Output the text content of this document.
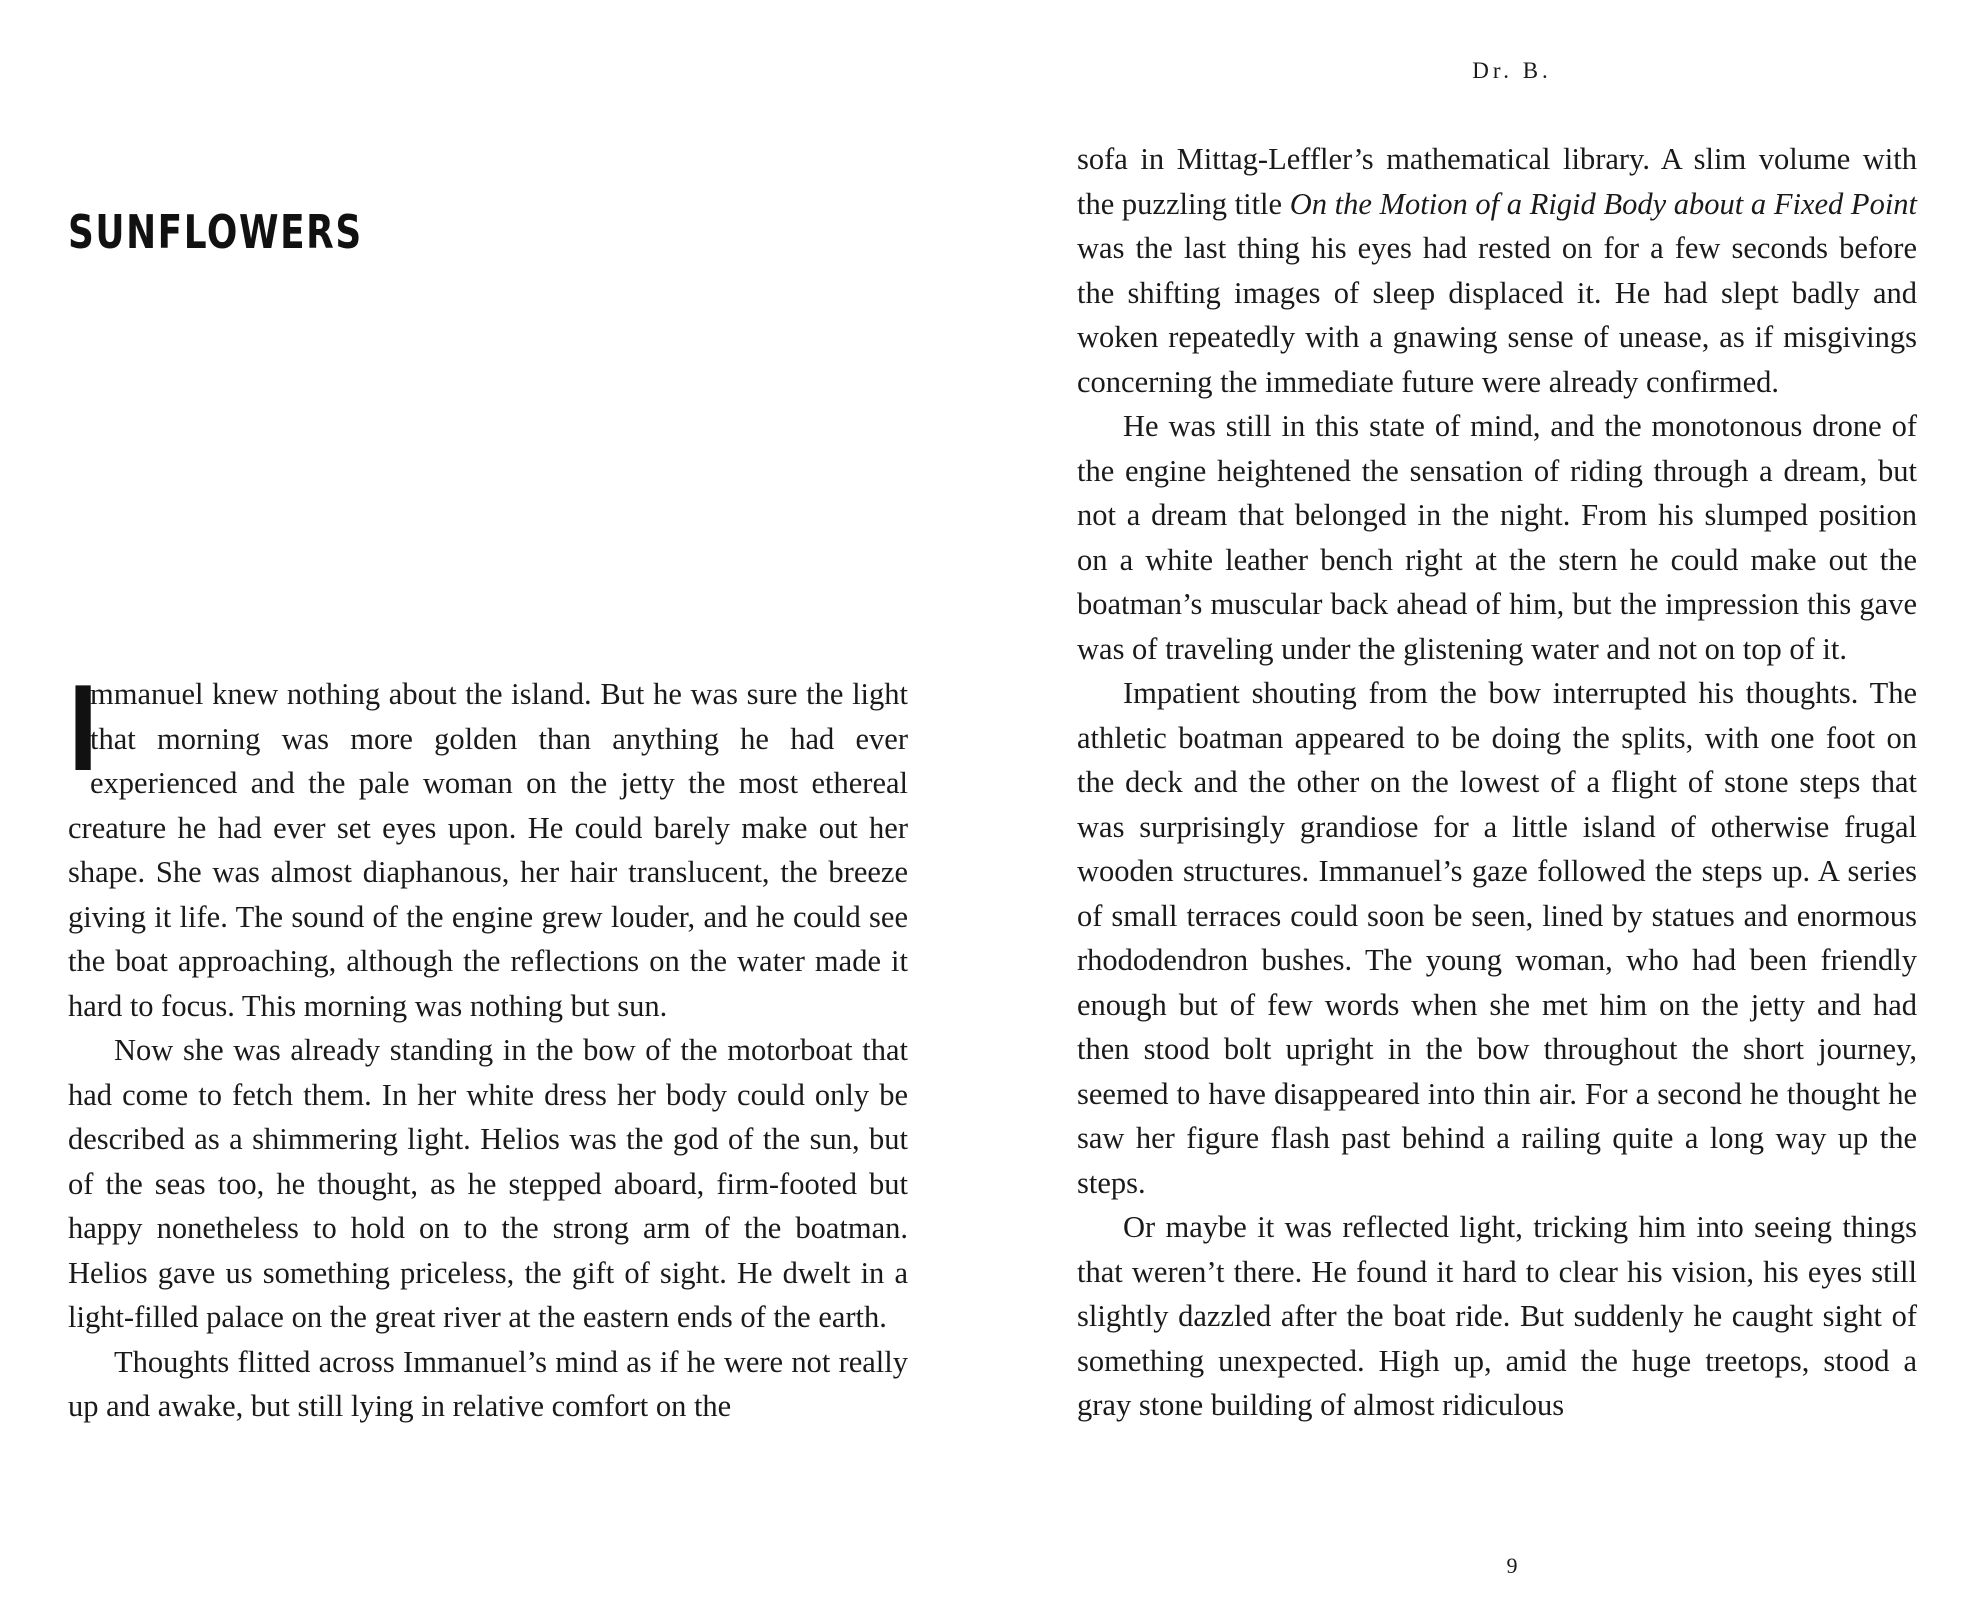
SUNFLOWERS

I
mmanuel knew nothing about the island. But he was sure the light that morning was more golden than anything he had ever experienced and the pale woman on the jetty the most ethereal creature he had ever set eyes upon. He could barely make out her shape. She was almost diaphanous, her hair translucent, the breeze giving it life. The sound of the engine grew louder, and he could see the boat approaching, although the reflections on the water made it hard to focus. This morning was nothing but sun.

Now she was already standing in the bow of the motorboat that had come to fetch them. In her white dress her body could only be described as a shimmering light. Helios was the god of the sun, but of the seas too, he thought, as he stepped aboard, firm-footed but happy nonetheless to hold on to the strong arm of the boatman. Helios gave us something priceless, the gift of sight. He dwelt in a light-filled palace on the great river at the eastern ends of the earth.

Thoughts flitted across Immanuel’s mind as if he were not really up and awake, but still lying in relative comfort on the

Dr. B.

sofa in Mittag-Leffler’s mathematical library. A slim volume with the puzzling title On the Motion of a Rigid Body about a Fixed Point was the last thing his eyes had rested on for a few seconds before the shifting images of sleep displaced it. He had slept badly and woken repeatedly with a gnawing sense of unease, as if misgivings concerning the immediate future were already confirmed.

He was still in this state of mind, and the monotonous drone of the engine heightened the sensation of riding through a dream, but not a dream that belonged in the night. From his slumped position on a white leather bench right at the stern he could make out the boatman’s muscular back ahead of him, but the impression this gave was of traveling under the glistening water and not on top of it.

Impatient shouting from the bow interrupted his thoughts. The athletic boatman appeared to be doing the splits, with one foot on the deck and the other on the lowest of a flight of stone steps that was surprisingly grandiose for a little island of otherwise frugal wooden structures. Immanuel’s gaze followed the steps up. A series of small terraces could soon be seen, lined by statues and enormous rhododendron bushes. The young woman, who had been friendly enough but of few words when she met him on the jetty and had then stood bolt upright in the bow throughout the short journey, seemed to have disappeared into thin air. For a second he thought he saw her figure flash past behind a railing quite a long way up the steps.

Or maybe it was reflected light, tricking him into seeing things that weren’t there. He found it hard to clear his vision, his eyes still slightly dazzled after the boat ride. But suddenly he caught sight of something unexpected. High up, amid the huge treetops, stood a gray stone building of almost ridiculous

9
